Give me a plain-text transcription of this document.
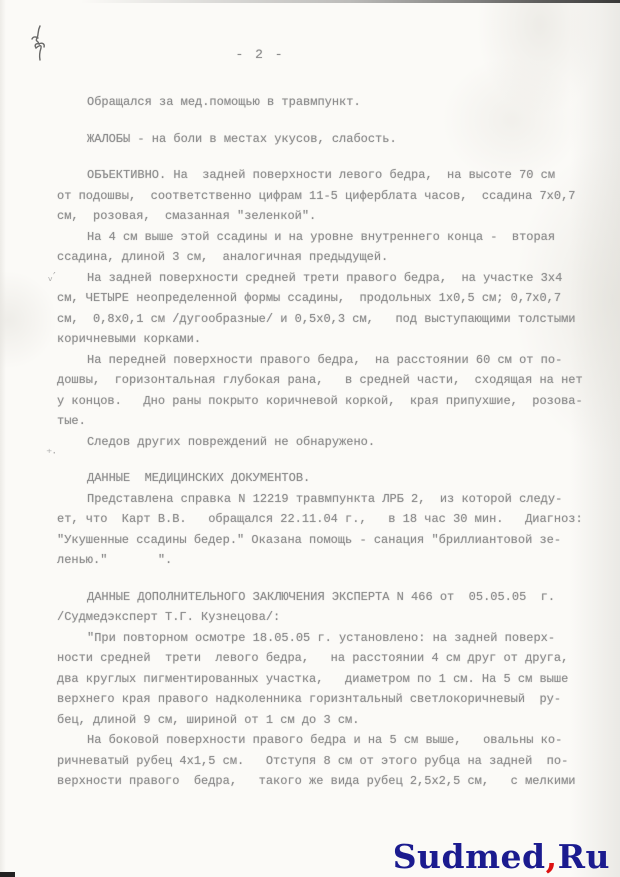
ᵥ′
⁺·
- 2 -
Обращался за мед.помощью в травмпункт.
ЖАЛОБЫ - на боли в местах укусов, слабость.
ОБЪЕКТИВНО. На  задней поверхности левого бедра,  на высоте 70 см
от подошвы,  соответственно цифрам 11-5 циферблата часов,  ссадина 7х0,7
см,  розовая,  смазанная "зеленкой".
На 4 см выше этой ссадины и на уровне внутреннего конца -  вторая
ссадина, длиной 3 см,  аналогичная предыдущей.
На задней поверхности средней трети правого бедра,  на участке 3х4
см, ЧЕТЫРЕ неопределенной формы ссадины,  продольных 1х0,5 см; 0,7х0,7
см,  0,8х0,1 см /дугообразные/ и 0,5х0,3 см,   под выступающими толстыми
коричневыми корками.
На передней поверхности правого бедра,  на расстоянии 60 см от по-
дошвы,  горизонтальная глубокая рана,   в средней части,  сходящая на нет
у концов.   Дно раны покрыто коричневой коркой,  края припухшие,  розова-
тые.
Следов других повреждений не обнаружено.
ДАННЫЕ  МЕДИЦИНСКИХ ДОКУМЕНТОВ.
Представлена справка N 12219 травмпункта ЛРБ 2,  из которой следу-
ет, что  Карт В.В.   обращался 22.11.04 г.,   в 18 час 30 мин.   Диагноз:
"Укушенные ссадины бедер." Оказана помощь - санация "бриллиантовой зе-
ленью."       ".
ДАННЫЕ ДОПОЛНИТЕЛЬНОГО ЗАКЛЮЧЕНИЯ ЭКСПЕРТА N 466 от  05.05.05  г.
/Судмедэксперт Т.Г. Кузнецова/:
"При повторном осмотре 18.05.05 г. установлено: на задней поверх-
ности средней  трети  левого бедра,   на расстоянии 4 см друг от друга,
два круглых пигментированных участка,   диаметром по 1 см. На 5 см выше
верхнего края правого надколенника горизнтальный светлокоричневый  ру-
бец, длиной 9 см, шириной от 1 см до 3 см.
На боковой поверхности правого бедра и на 5 см выше,   овальны ко-
ричневатый рубец 4х1,5 см.   Отступя 8 см от этого рубца на задней  по-
верхности правого  бедра,   такого же вида рубец 2,5х2,5 см,   с мелкими
Sudmed,Ru
